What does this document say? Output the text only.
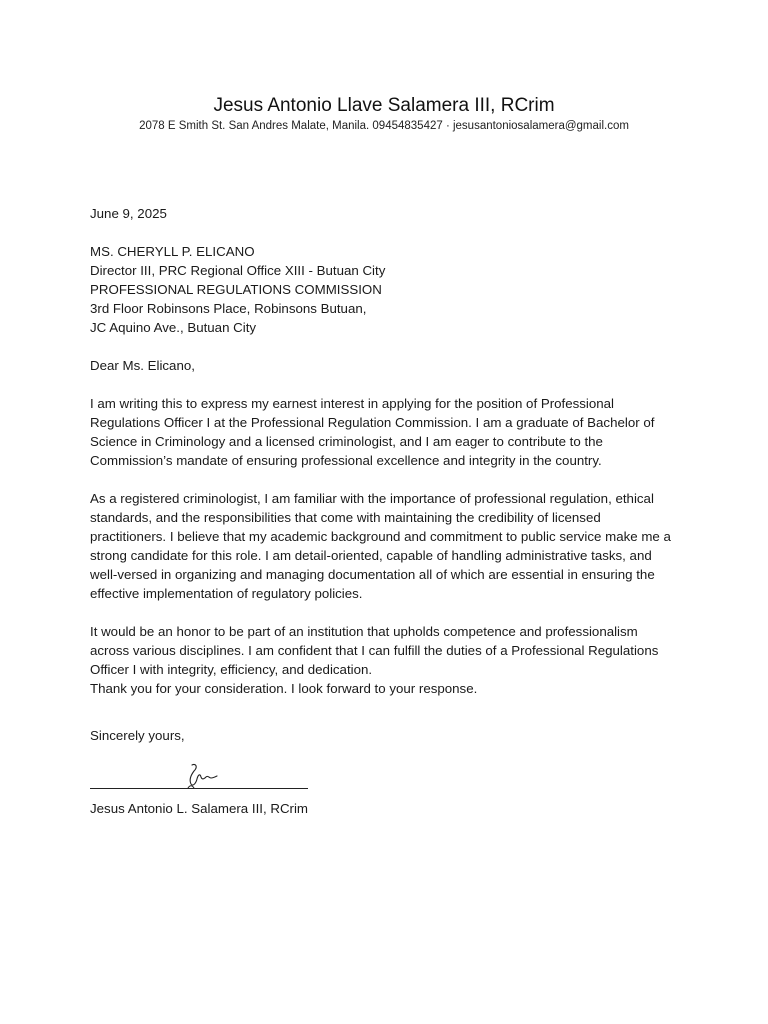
Jesus Antonio Llave Salamera III, RCrim
2078 E Smith St. San Andres Malate, Manila. 09454835427 · jesusantoniosalamera@gmail.com

June 9, 2025

MS. CHERYLL P. ELICANO
Director III, PRC Regional Office XIII - Butuan City
PROFESSIONAL REGULATIONS COMMISSION
3rd Floor Robinsons Place, Robinsons Butuan,
JC Aquino Ave., Butuan City

Dear Ms. Elicano,

I am writing this to express my earnest interest in applying for the position of Professional Regulations Officer I at the Professional Regulation Commission. I am a graduate of Bachelor of Science in Criminology and a licensed criminologist, and I am eager to contribute to the Commission’s mandate of ensuring professional excellence and integrity in the country.

As a registered criminologist, I am familiar with the importance of professional regulation, ethical standards, and the responsibilities that come with maintaining the credibility of licensed practitioners. I believe that my academic background and commitment to public service make me a strong candidate for this role. I am detail-oriented, capable of handling administrative tasks, and well-versed in organizing and managing documentation all of which are essential in ensuring the effective implementation of regulatory policies.

It would be an honor to be part of an institution that upholds competence and professionalism across various disciplines. I am confident that I can fulfill the duties of a Professional Regulations Officer I with integrity, efficiency, and dedication.

Thank you for your consideration. I look forward to your response.

Sincerely yours,

Jesus Antonio L. Salamera III, RCrim
